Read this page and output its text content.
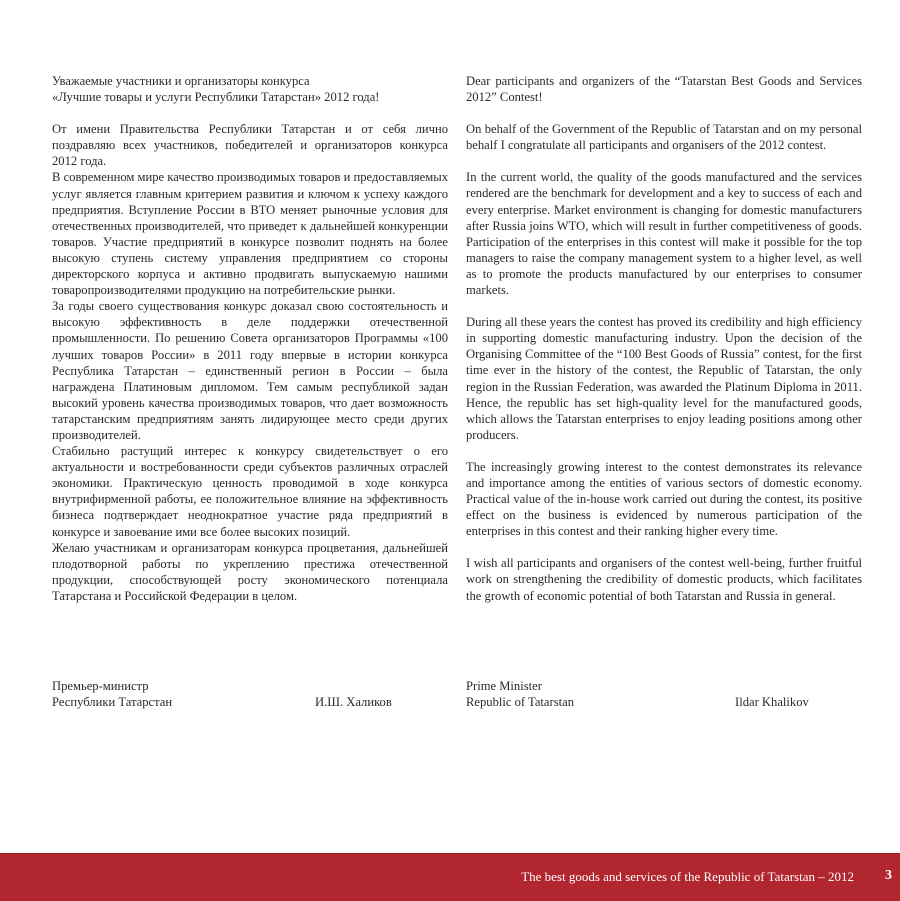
Уважаемые участники и организаторы конкурса

«Лучшие товары и услуги Республики Татарстан» 2012 года!

От имени Правительства Республики Татарстан и от себя лично поздравляю всех участников, победителей и организаторов конкурса 2012 года.

В современном мире качество производимых товаров и предоставляемых услуг является главным критерием развития и ключом к успеху каждого предприятия. Вступление России в ВТО меняет рыночные условия для отечественных производителей, что приведет к дальнейшей конкуренции товаров. Участие предприятий в конкурсе позволит поднять на более высокую ступень систему управления предприятием со стороны директорского корпуса и активно продвигать выпускаемую нашими товаропроизводителями продукцию на потребительские рынки.

За годы своего существования конкурс доказал свою состоятельность и высокую эффективность в деле поддержки отечественной промышленности. По решению Совета организаторов Программы «100 лучших товаров России» в 2011 году впервые в истории конкурса Республика Татарстан – единственный регион в России – была награждена Платиновым дипломом. Тем самым республикой задан высокий уровень качества производимых товаров, что дает возможность татарстанским предприятиям занять лидирующее место среди других производителей.

Стабильно растущий интерес к конкурсу свидетельствует о его актуальности и востребованности среди субъектов различных отраслей экономики. Практическую ценность проводимой в ходе конкурса внутрифирменной работы, ее положительное влияние на эффективность бизнеса подтверждает неоднократное участие ряда предприятий в конкурсе и завоевание ими все более высоких позиций.

Желаю участникам и организаторам конкурса процветания, дальнейшей плодотворной работы по укреплению престижа отечественной продукции, способствующей росту экономического потенциала Татарстана и Российской Федерации в целом.

Dear participants and organizers of the “Tatarstan Best Goods and Services 2012” Contest!

On behalf of the Government of the Republic of Tatarstan and on my personal behalf I congratulate all participants and organisers of the 2012 contest.

In the current world, the quality of the goods manufactured and the services rendered are the benchmark for development and a key to success of each and every enterprise. Market environment is changing for domestic manufacturers after Russia joins WTO, which will result in further competitiveness of goods. Participation of the enterprises in this contest will make it possible for the top managers to raise the company management system to a higher level, as well as to promote the products manufactured by our enterprises to consumer markets.

During all these years the contest has proved its credibility and high efficiency in supporting domestic manufacturing industry. Upon the decision of the Organising Committee of the “100 Best Goods of Russia” contest, for the first time ever in the history of the contest, the Republic of Tatarstan, the only region in the Russian Federation, was awarded the Platinum Diploma in 2011. Hence, the republic has set high-quality level for the manufactured goods, which allows the Tatarstan enterprises to enjoy leading positions among other producers.

The increasingly growing interest to the contest demonstrates its relevance and importance among the entities of various sectors of domestic economy. Practical value of the in-house work carried out during the contest, its positive effect on the business is evidenced by numerous participation of the enterprises in this contest and their ranking higher every time.

I wish all participants and organisers of the contest well-being, further fruitful work on strengthening the credibility of domestic products, which facilitates the growth of economic potential of both Tatarstan and Russia in general.

Премьер-министр
Республики Татарстан	И.Ш. Халиков
Prime Minister
Republic of Tatarstan	Ildar Khalikov
The best goods and services of the Republic of Tatarstan – 2012 3
